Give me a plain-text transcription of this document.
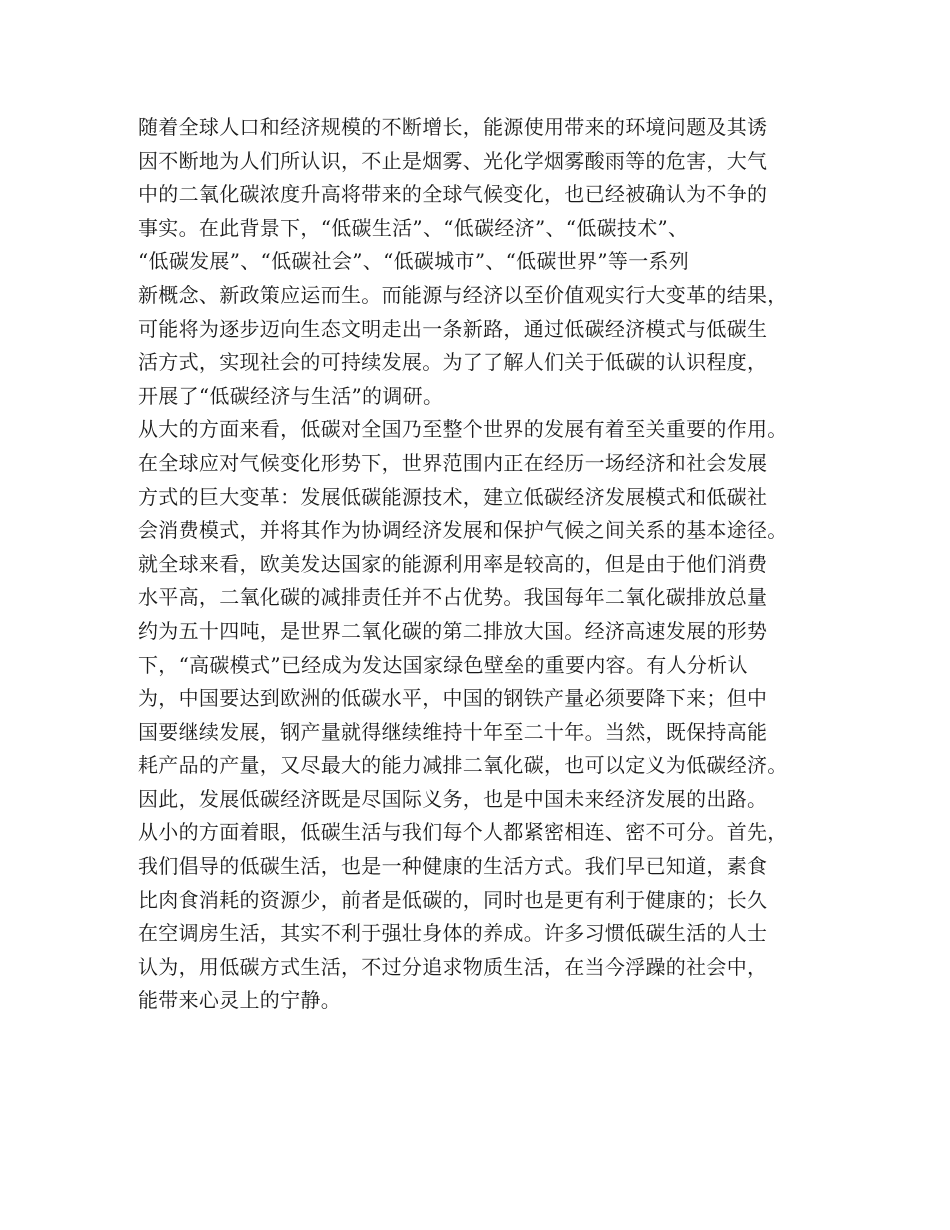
随着全球人口和经济规模的不断增长，能源使用带来的环境问题及其诱
因不断地为人们所认识，不止是烟雾、光化学烟雾酸雨等的危害，大气
中的二氧化碳浓度升高将带来的全球气候变化，也已经被确认为不争的
事实。在此背景下，“低碳生活”、“低碳经济”、“低碳技术”、
“低碳发展”、“低碳社会”、“低碳城市”、“低碳世界”等一系列
新概念、新政策应运而生。而能源与经济以至价值观实行大变革的结果，
可能将为逐步迈向生态文明走出一条新路，通过低碳经济模式与低碳生
活方式，实现社会的可持续发展。为了了解人们关于低碳的认识程度，
开展了“低碳经济与生活”的调研。
从大的方面来看，低碳对全国乃至整个世界的发展有着至关重要的作用。
在全球应对气候变化形势下，世界范围内正在经历一场经济和社会发展
方式的巨大变革：发展低碳能源技术，建立低碳经济发展模式和低碳社
会消费模式，并将其作为协调经济发展和保护气候之间关系的基本途径。
就全球来看，欧美发达国家的能源利用率是较高的，但是由于他们消费
水平高，二氧化碳的减排责任并不占优势。我国每年二氧化碳排放总量
约为五十四吨，是世界二氧化碳的第二排放大国。经济高速发展的形势
下，“高碳模式”已经成为发达国家绿色壁垒的重要内容。有人分析认
为，中国要达到欧洲的低碳水平，中国的钢铁产量必须要降下来；但中
国要继续发展，钢产量就得继续维持十年至二十年。当然，既保持高能
耗产品的产量，又尽最大的能力减排二氧化碳，也可以定义为低碳经济。
因此，发展低碳经济既是尽国际义务，也是中国未来经济发展的出路。
从小的方面着眼，低碳生活与我们每个人都紧密相连、密不可分。首先，
我们倡导的低碳生活，也是一种健康的生活方式。我们早已知道，素食
比肉食消耗的资源少，前者是低碳的，同时也是更有利于健康的；长久
在空调房生活，其实不利于强壮身体的养成。许多习惯低碳生活的人士
认为，用低碳方式生活，不过分追求物质生活，在当今浮躁的社会中，
能带来心灵上的宁静。
